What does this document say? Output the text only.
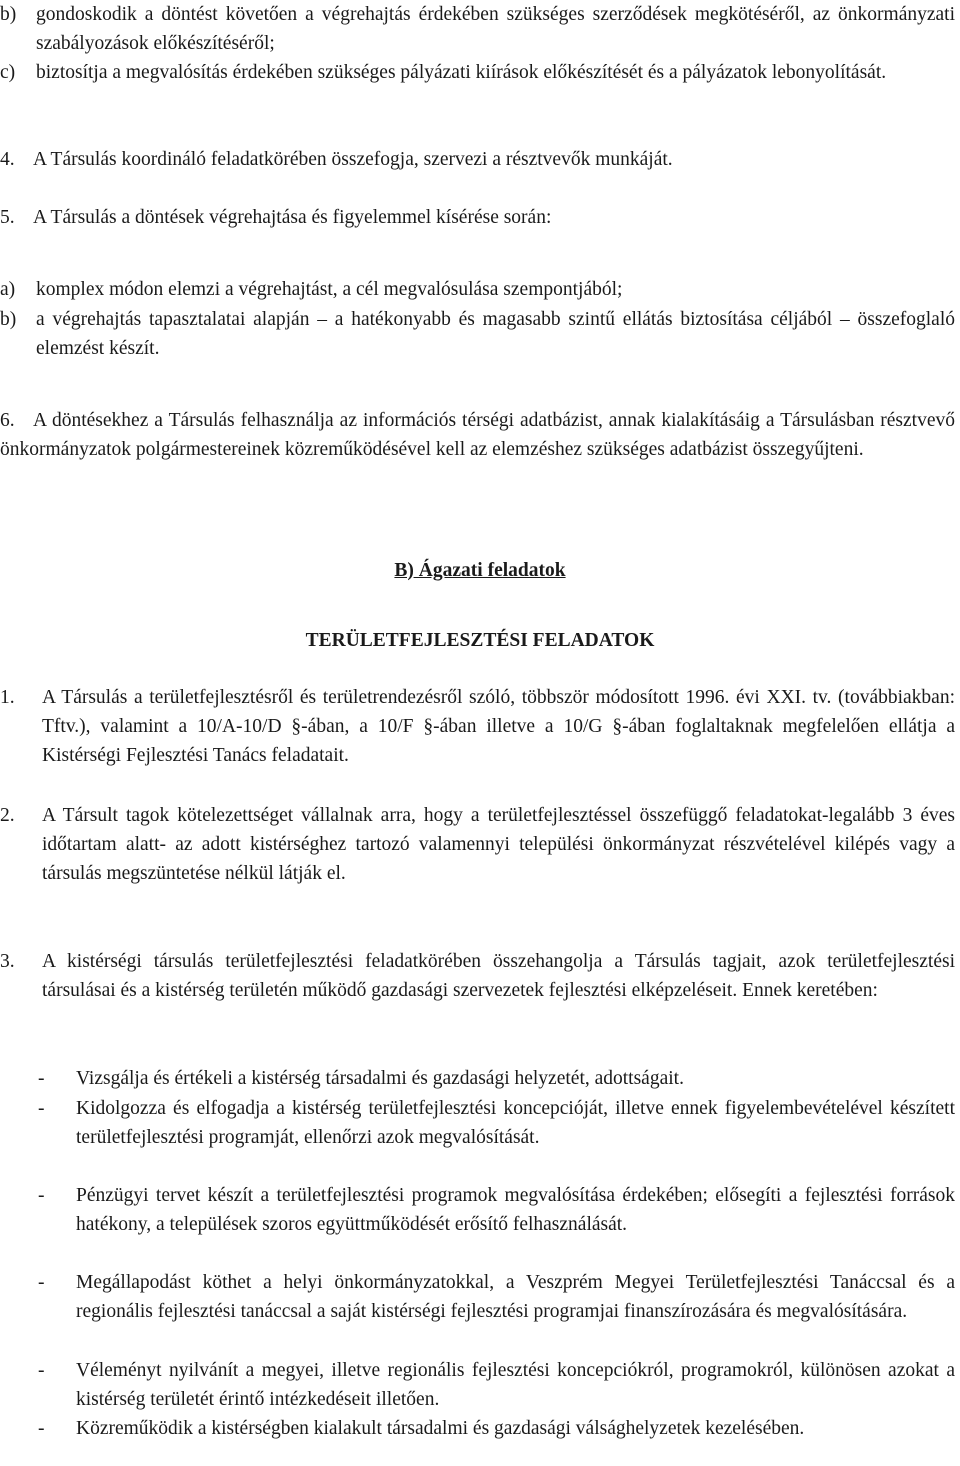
b) gondoskodik a döntést követően a végrehajtás érdekében szükséges szerződések megkötéséről, az önkormányzati szabályozások előkészítéséről;
c) biztosítja a megvalósítás érdekében szükséges pályázati kiírások előkészítését és a pályázatok lebonyolítását.
4. A Társulás koordináló feladatkörében összefogja, szervezi a résztvevők munkáját.
5. A Társulás a döntések végrehajtása és figyelemmel kísérése során:
a) komplex módon elemzi a végrehajtást, a cél megvalósulása szempontjából;
b) a végrehajtás tapasztalatai alapján – a hatékonyabb és magasabb szintű ellátás biztosítása céljából – összefoglaló elemzést készít.
6. A döntésekhez a Társulás felhasználja az információs térségi adatbázist, annak kialakításáig a Társulásban résztvevő önkormányzatok polgármestereinek közreműködésével kell az elemzéshez szükséges adatbázist összegyűjteni.
B) Ágazati feladatok
TERÜLETFEJLESZTÉSI FELADATOK
1. A Társulás a területfejlesztésről és területrendezésről szóló, többször módosított 1996. évi XXI. tv. (továbbiakban: Tftv.), valamint a 10/A-10/D §-ában, a 10/F §-ában illetve a 10/G §-ában foglaltaknak megfelelően ellátja a Kistérségi Fejlesztési Tanács feladatait.
2. A Társult tagok kötelezettséget vállalnak arra, hogy a területfejlesztéssel összefüggő feladatokat-legalább 3 éves időtartam alatt- az adott kistérséghez tartozó valamennyi települési önkormányzat részvételével kilépés vagy a társulás megszüntetése nélkül látják el.
3. A kistérségi társulás területfejlesztési feladatkörében összehangolja a Társulás tagjait, azok területfejlesztési társulásai és a kistérség területén működő gazdasági szervezetek fejlesztési elképzeléseit. Ennek keretében:
- Vizsgálja és értékeli a kistérség társadalmi és gazdasági helyzetét, adottságait.
- Kidolgozza és elfogadja a kistérség területfejlesztési koncepcióját, illetve ennek figyelembevételével készített területfejlesztési programját, ellenőrzi azok megvalósítását.
- Pénzügyi tervet készít a területfejlesztési programok megvalósítása érdekében; elősegíti a fejlesztési források hatékony, a települések szoros együttműködését erősítő felhasználását.
- Megállapodást köthet a helyi önkormányzatokkal, a Veszprém Megyei Területfejlesztési Tanáccsal és a regionális fejlesztési tanáccsal a saját kistérségi fejlesztési programjai finanszírozására és megvalósítására.
- Véleményt nyilvánít a megyei, illetve regionális fejlesztési koncepciókról, programokról, különösen azokat a kistérség területét érintő intézkedéseit illetően.
- Közreműködik a kistérségben kialakult társadalmi és gazdasági válsághelyzetek kezelésében.
